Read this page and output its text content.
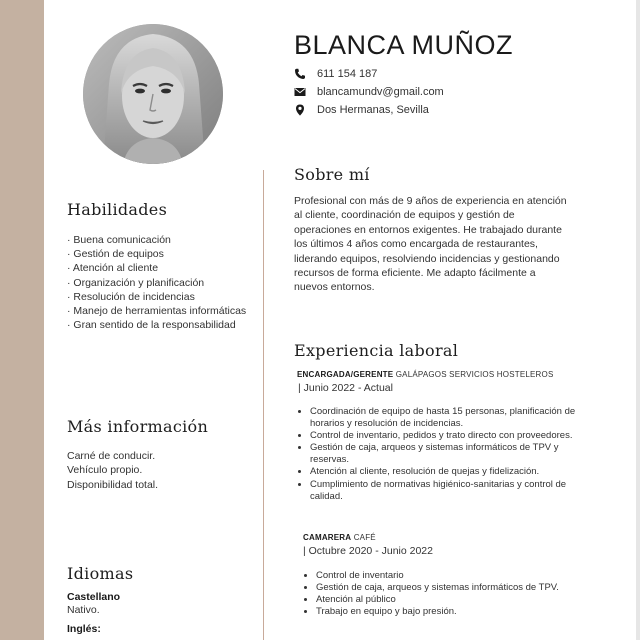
BLANCA MUÑOZ
611 154 187
blancamundv@gmail.com
Dos Hermanas, Sevilla
Habilidades
· Buena comunicación
· Gestión de equipos
· Atención al cliente
· Organización y planificación
· Resolución de incidencias
· Manejo de herramientas informáticas
· Gran sentido de la responsabilidad
Más información
Carné de conducir.
Vehículo propio.
Disponibilidad total.
Idiomas
Castellano
Nativo.
Inglés:
Sobre mí
Profesional con más de 9 años de experiencia en atención al cliente, coordinación de equipos y gestión de operaciones en entornos exigentes. He trabajado durante los últimos 4 años como encargada de restaurantes, liderando equipos, resolviendo incidencias y gestionando recursos de forma eficiente. Me adapto fácilmente a nuevos entornos.
Experiencia laboral
ENCARGADA/GERENTE GALÁPAGOS SERVICIOS HOSTELEROS
| Junio 2022 - Actual
• Coordinación de equipo de hasta 15 personas, planificación de horarios y resolución de incidencias.
• Control de inventario, pedidos y trato directo con proveedores.
• Gestión de caja, arqueos y sistemas informáticos de TPV y reservas.
• Atención al cliente, resolución de quejas y fidelización.
• Cumplimiento de normativas higiénico-sanitarias y control de calidad.
CAMARERA CAFÉ
| Octubre 2020 - Junio 2022
• Control de inventario
• Gestión de caja, arqueos y sistemas informáticos de TPV.
• Atención al público
• Trabajo en equipo y bajo presión.
